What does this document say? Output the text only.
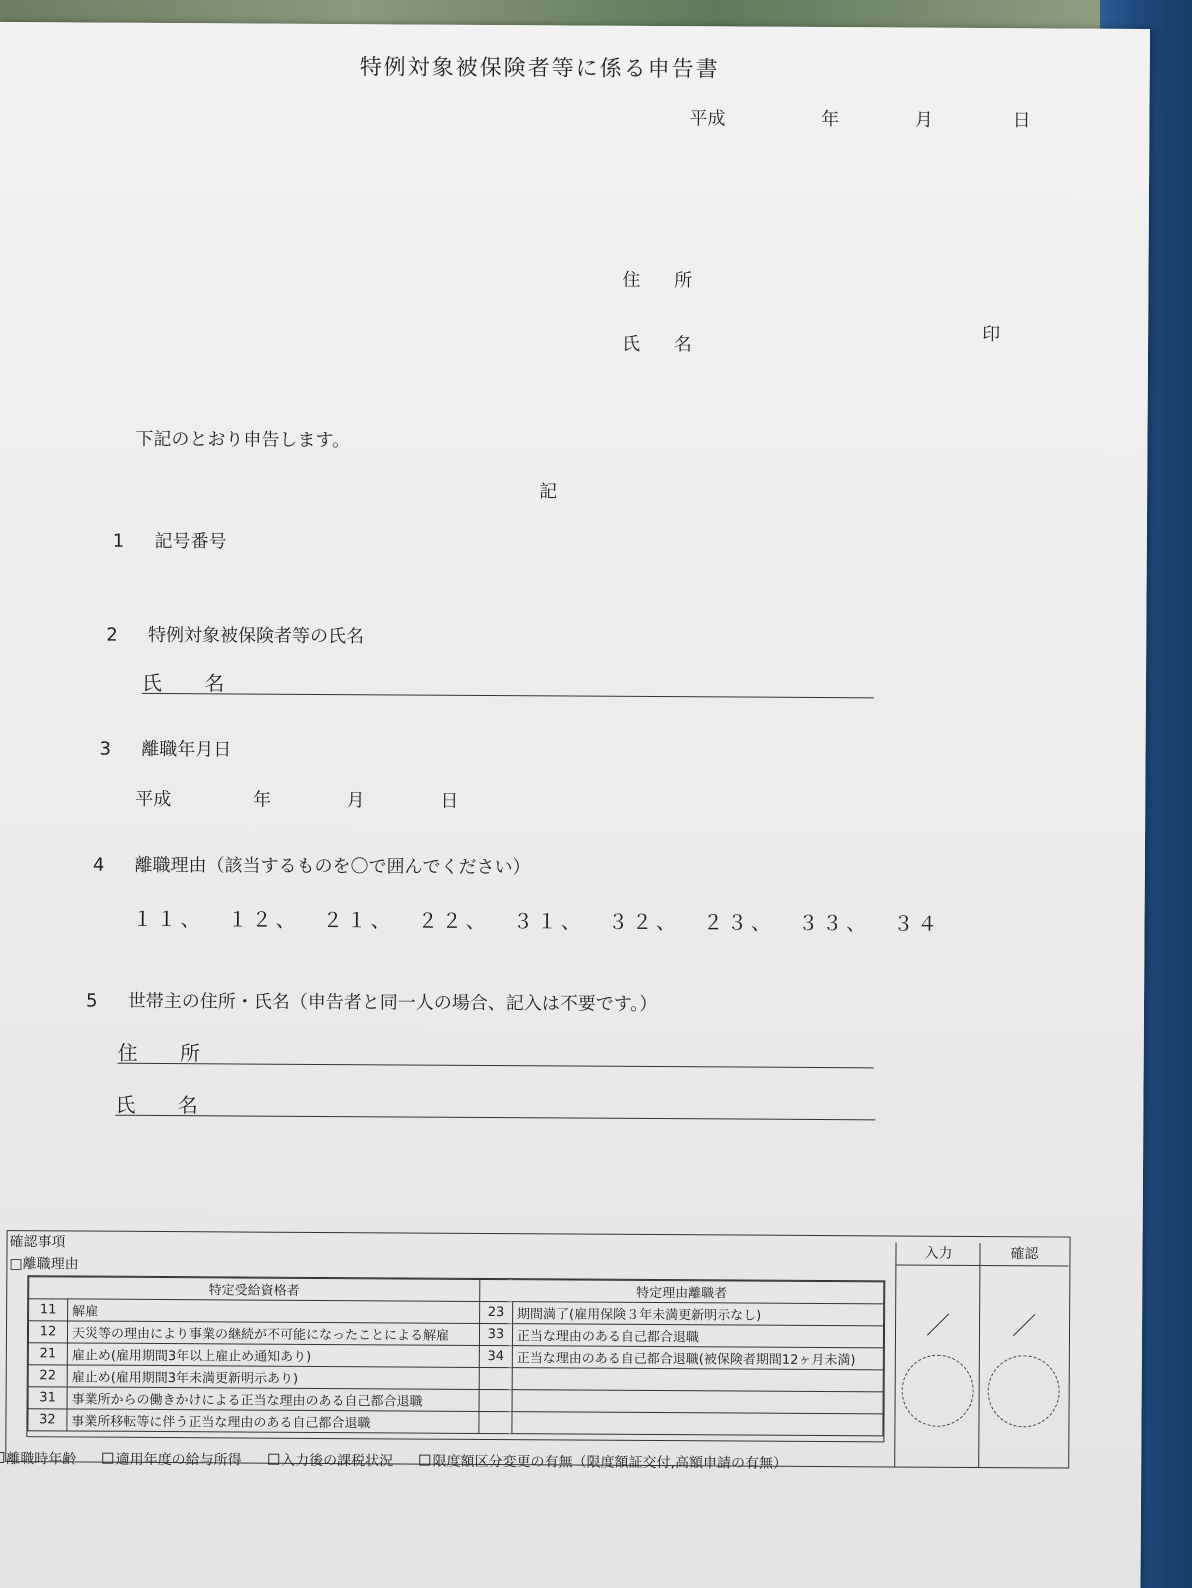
特例対象被保険者等に係る申告書
平成	年	月	日
住 所
氏 名	印
下記のとおり申告します。
記
1 記号番号
2 特例対象被保険者等の氏名
氏 名
3 離職年月日
平成	年	月	日
4 離職理由（該当するものを〇で囲んでください）
１１、 １２、 ２１、 ２２、 ３１、 ３２、 ２３、 ３３、 ３４
5 世帯主の住所・氏名（申告者と同一人の場合、記入は不要です。）
住 所
氏 名
確認事項
□離職理由
入力
／
確認
／
特定受給資格者		特定理由離職者	
11	解雇	23	期間満了(雇用保険３年未満更新明示なし)
12	天災等の理由により事業の継続が不可能になったことによる解雇	33	正当な理由のある自己都合退職
21	雇止め(雇用期間3年以上雇止め通知あり)	34	正当な理由のある自己都合退職(被保険者期間12ヶ月未満)
22	雇止め(雇用期間3年未満更新明示あり)		
31	事業所からの働きかけによる正当な理由のある自己都合退職		
32	事業所移転等に伴う正当な理由のある自己都合退職		
離職時年齢	適用年度の給与所得	入力後の課税状況	限度額区分変更の有無（限度額証交付,高額申請の有無）
